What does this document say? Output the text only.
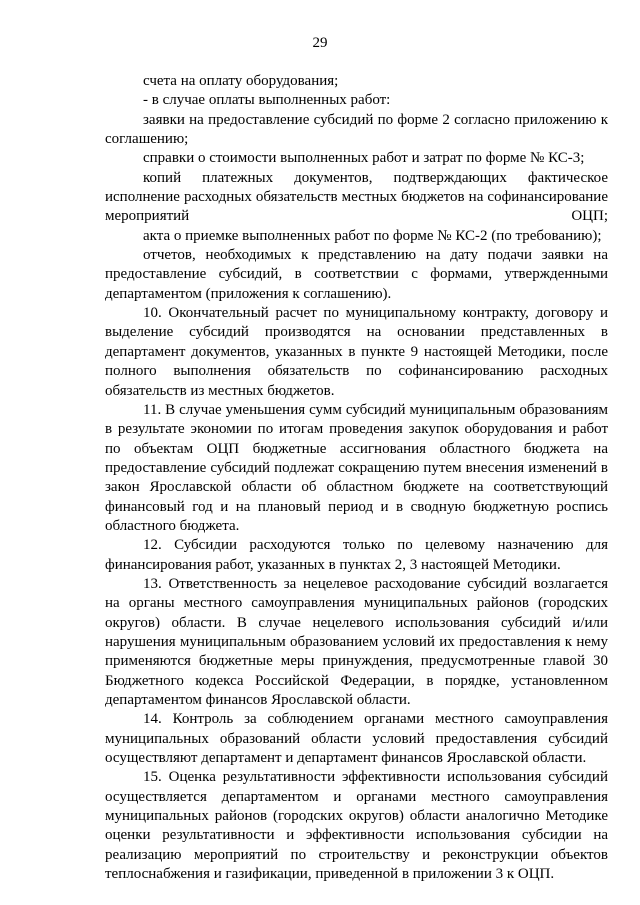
29

счета на оплату оборудования;

- в случае оплаты выполненных работ:

заявки на предоставление субсидий по форме 2 согласно приложению к соглашению;

справки о стоимости выполненных работ и затрат по форме № КС-3;

копий платежных документов, подтверждающих фактическое исполнение расходных обязательств местных бюджетов на софинансирование мероприятий ОЦП;

акта о приемке выполненных работ по форме № КС-2 (по требованию);

отчетов, необходимых к представлению на дату подачи заявки на предоставление субсидий, в соответствии с формами, утвержденными департаментом (приложения к соглашению).

10. Окончательный расчет по муниципальному контракту, договору и выделение субсидий производятся на основании представленных в департамент документов, указанных в пункте 9 настоящей Методики, после полного выполнения обязательств по софинансированию расходных обязательств из местных бюджетов.

11. В случае уменьшения сумм субсидий муниципальным образованиям в результате экономии по итогам проведения закупок оборудования и работ по объектам ОЦП бюджетные ассигнования областного бюджета на предоставление субсидий подлежат сокращению путем внесения изменений в закон Ярославской области об областном бюджете на соответствующий финансовый год и на плановый период и в сводную бюджетную роспись областного бюджета.

12. Субсидии расходуются только по целевому назначению для финансирования работ, указанных в пунктах 2, 3 настоящей Методики.

13. Ответственность за нецелевое расходование субсидий возлагается на органы местного самоуправления муниципальных районов (городских округов) области. В случае нецелевого использования субсидий и/или нарушения муниципальным образованием условий их предоставления к нему применяются бюджетные меры принуждения, предусмотренные главой 30 Бюджетного кодекса Российской Федерации, в порядке, установленном департаментом финансов Ярославской области.

14. Контроль за соблюдением органами местного самоуправления муниципальных образований области условий предоставления субсидий осуществляют департамент и департамент финансов Ярославской области.

15. Оценка результативности эффективности использования субсидий осуществляется департаментом и органами местного самоуправления муниципальных районов (городских округов) области аналогично Методике оценки результативности и эффективности использования субсидии на реализацию мероприятий по строительству и реконструкции объектов теплоснабжения и газификации, приведенной в приложении 3 к ОЦП.
